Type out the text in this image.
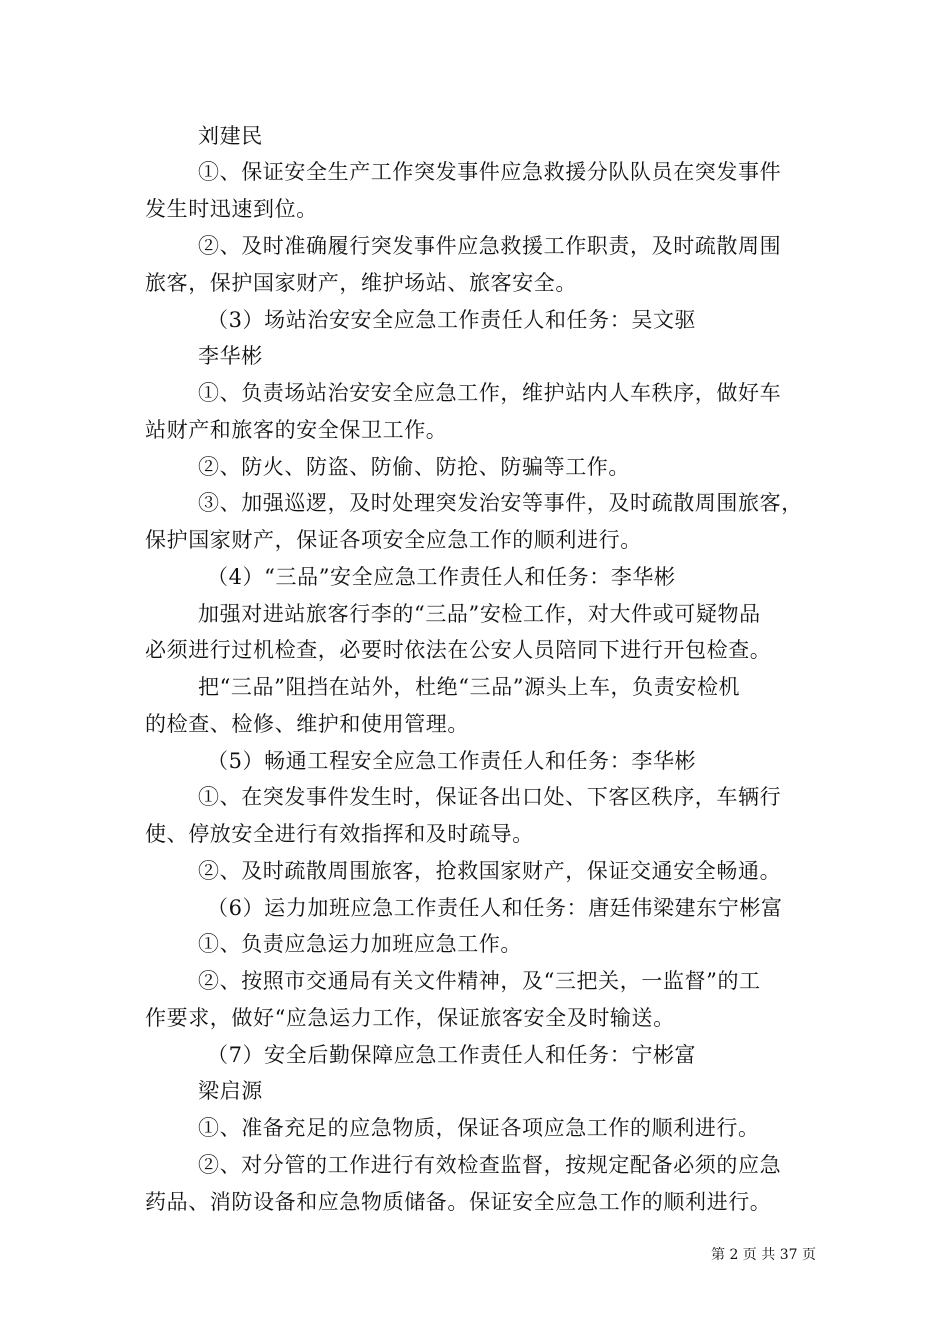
刘建民
①、保证安全生产工作突发事件应急救援分队队员在突发事件
发生时迅速到位。
②、及时准确履行突发事件应急救援工作职责，及时疏散周围
旅客，保护国家财产，维护场站、旅客安全。
（3）场站治安安全应急工作责任人和任务：吴文驱
李华彬
①、负责场站治安安全应急工作，维护站内人车秩序，做好车
站财产和旅客的安全保卫工作。
②、防火、防盗、防偷、防抢、防骗等工作。
③、加强巡逻，及时处理突发治安等事件，及时疏散周围旅客，
保护国家财产，保证各项安全应急工作的顺利进行。
（4）“三品”安全应急工作责任人和任务：李华彬
加强对进站旅客行李的“三品”安检工作，对大件或可疑物品
必须进行过机检查，必要时依法在公安人员陪同下进行开包检查。
把“三品”阻挡在站外，杜绝“三品”源头上车，负责安检机
的检查、检修、维护和使用管理。
（5）畅通工程安全应急工作责任人和任务：李华彬
①、在突发事件发生时，保证各出口处、下客区秩序，车辆行
使、停放安全进行有效指挥和及时疏导。
②、及时疏散周围旅客，抢救国家财产，保证交通安全畅通。
（6）运力加班应急工作责任人和任务：唐廷伟梁建东宁彬富
①、负责应急运力加班应急工作。
②、按照市交通局有关文件精神，及“三把关，一监督”的工
作要求，做好“应急运力工作，保证旅客安全及时输送。
（7）安全后勤保障应急工作责任人和任务：宁彬富
梁启源
①、准备充足的应急物质，保证各项应急工作的顺利进行。
②、对分管的工作进行有效检查监督，按规定配备必须的应急
药品、消防设备和应急物质储备。保证安全应急工作的顺利进行。
第 2 页 共 37 页
